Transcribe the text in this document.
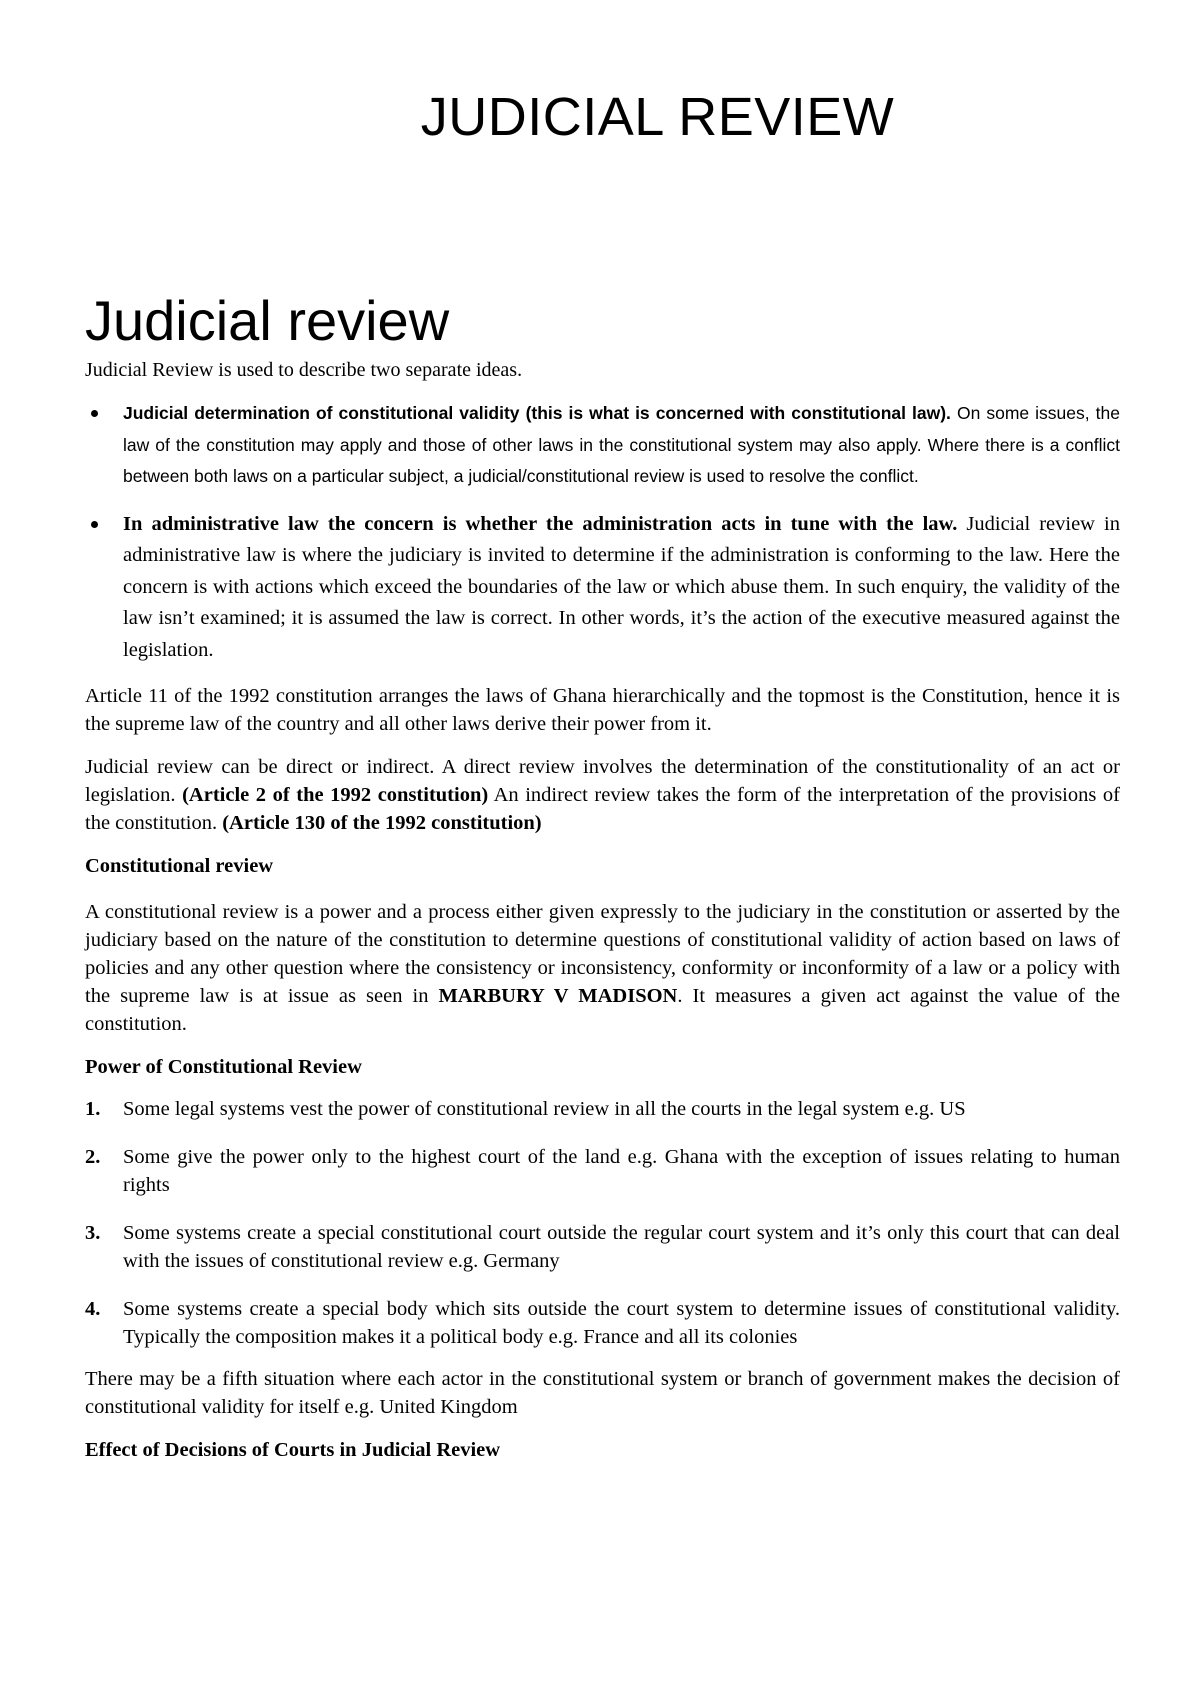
JUDICIAL REVIEW
Judicial review

Judicial Review is used to describe two separate ideas.

Judicial determination of constitutional validity (this is what is concerned with constitutional law). On some issues, the law of the constitution may apply and those of other laws in the constitutional system may also apply. Where there is a conflict between both laws on a particular subject, a judicial/constitutional review is used to resolve the conflict.
In administrative law the concern is whether the administration acts in tune with the law. Judicial review in administrative law is where the judiciary is invited to determine if the administration is conforming to the law. Here the concern is with actions which exceed the boundaries of the law or which abuse them. In such enquiry, the validity of the law isn’t examined; it is assumed the law is correct. In other words, it’s the action of the executive measured against the legislation.

Article 11 of the 1992 constitution arranges the laws of Ghana hierarchically and the topmost is the Constitution, hence it is the supreme law of the country and all other laws derive their power from it.

Judicial review can be direct or indirect. A direct review involves the determination of the constitutionality of an act or legislation. (Article 2 of the 1992 constitution) An indirect review takes the form of the interpretation of the provisions of the constitution. (Article 130 of the 1992 constitution)

Constitutional review

A constitutional review is a power and a process either given expressly to the judiciary in the constitution or asserted by the judiciary based on the nature of the constitution to determine questions of constitutional validity of action based on laws of policies and any other question where the consistency or inconsistency, conformity or inconformity of a law or a policy with the supreme law is at issue as seen in MARBURY V MADISON. It measures a given act against the value of the constitution.

Power of Constitutional Review

1. Some legal systems vest the power of constitutional review in all the courts in the legal system e.g. US
2. Some give the power only to the highest court of the land e.g. Ghana with the exception of issues relating to human rights
3. Some systems create a special constitutional court outside the regular court system and it’s only this court that can deal with the issues of constitutional review e.g. Germany
4. Some systems create a special body which sits outside the court system to determine issues of constitutional validity. Typically the composition makes it a political body e.g. France and all its colonies

There may be a fifth situation where each actor in the constitutional system or branch of government makes the decision of constitutional validity for itself e.g. United Kingdom

Effect of Decisions of Courts in Judicial Review
